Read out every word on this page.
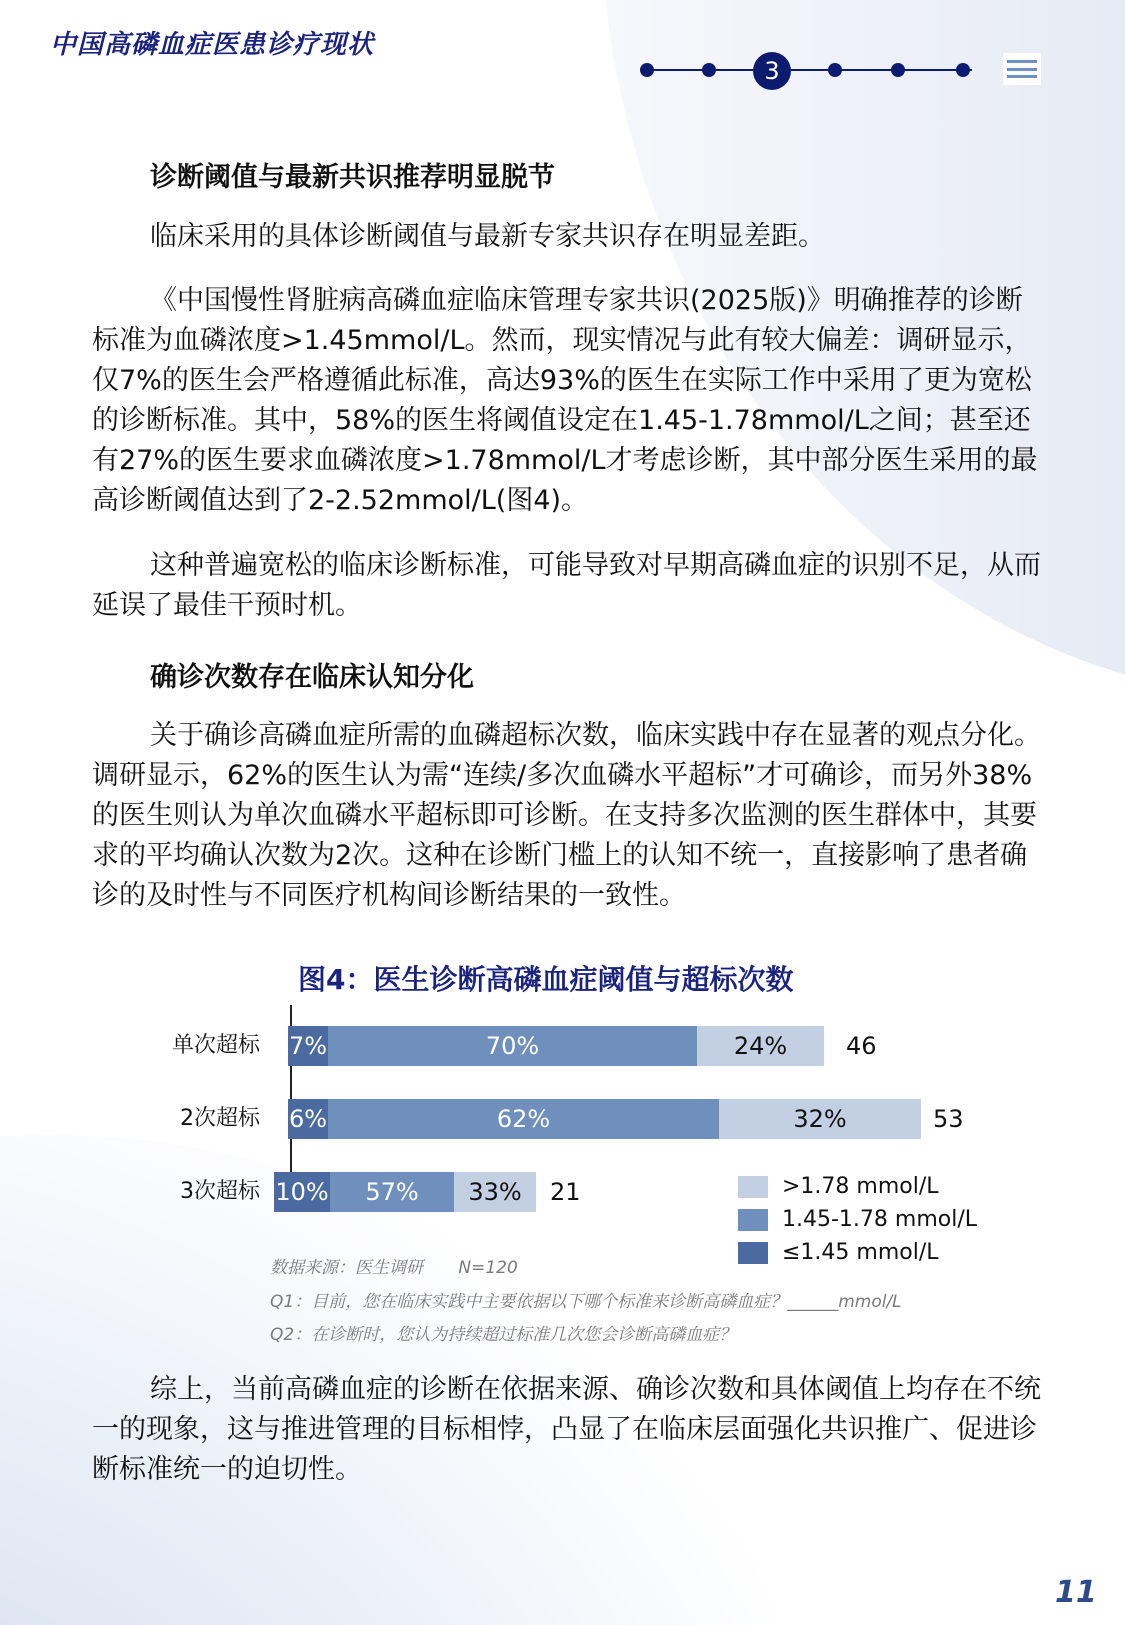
中国高磷血症医患诊疗现状
3
诊断阈值与最新共识推荐明显脱节
临床采用的具体诊断阈值与最新专家共识存在明显差距。
《中国慢性肾脏病高磷血症临床管理专家共识(2025版)》明确推荐的诊断标准为血磷浓度>1.45mmol/L。然而，现实情况与此有较大偏差：调研显示，仅7%的医生会严格遵循此标准，高达93%的医生在实际工作中采用了更为宽松的诊断标准。其中，58%的医生将阈值设定在1.45-1.78mmol/L之间；甚至还有27%的医生要求血磷浓度>1.78mmol/L才考虑诊断，其中部分医生采用的最高诊断阈值达到了2-2.52mmol/L(图4)。
这种普遍宽松的临床诊断标准，可能导致对早期高磷血症的识别不足，从而延误了最佳干预时机。
确诊次数存在临床认知分化
关于确诊高磷血症所需的血磷超标次数，临床实践中存在显著的观点分化。调研显示，62%的医生认为需“连续/多次血磷水平超标”才可确诊，而另外38%的医生则认为单次血磷水平超标即可诊断。在支持多次监测的医生群体中，其要求的平均确认次数为2次。这种在诊断门槛上的认知不统一，直接影响了患者确诊的及时性与不同医疗机构间诊断结果的一致性。
图4：医生诊断高磷血症阈值与超标次数
单次超标 7%	70%	24%	46
2次超标 6%	62%	32%	53
3次超标 10%	57%	33%	21	>1.78 mmol/L
1.45-1.78 mmol/L
≤1.45 mmol/L
数据来源：医生调研 N=120
Q1：目前，您在临床实践中主要依据以下哪个标准来诊断高磷血症？______mmol/L
Q2：在诊断时，您认为持续超过标准几次您会诊断高磷血症？
综上，当前高磷血症的诊断在依据来源、确诊次数和具体阈值上均存在不统一的现象，这与推进管理的目标相悖，凸显了在临床层面强化共识推广、促进诊断标准统一的迫切性。
11
